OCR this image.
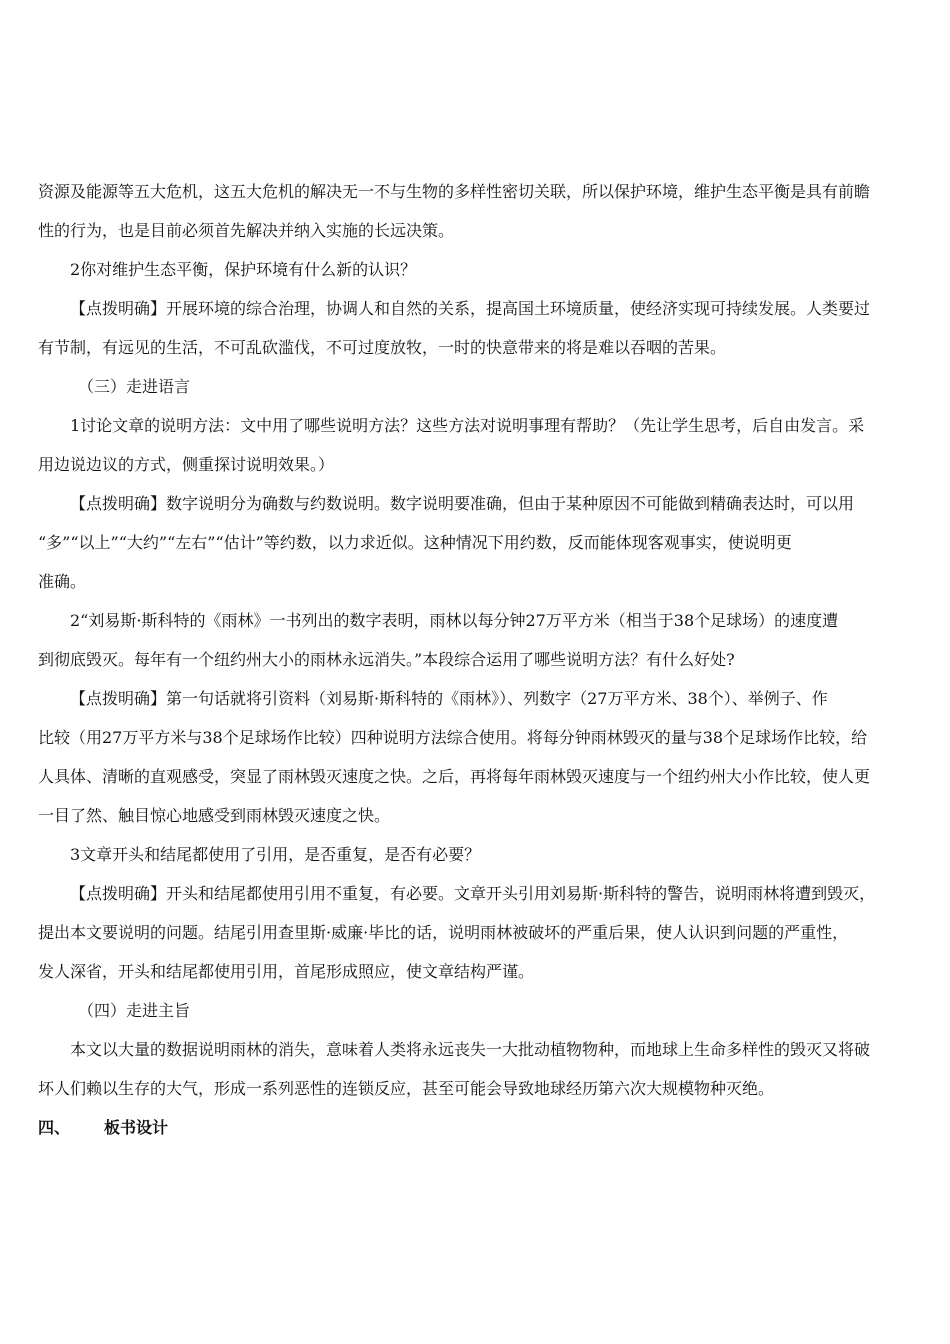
资源及能源等五大危机，这五大危机的解决无一不与生物的多样性密切关联，所以保护环境，维护生态平衡是具有前瞻
性的行为，也是目前必须首先解决并纳入实施的长远决策。
2你对维护生态平衡，保护环境有什么新的认识？
【点拨明确】开展环境的综合治理，协调人和自然的关系，提高国土环境质量，使经济实现可持续发展。人类要过
有节制，有远见的生活，不可乱砍滥伐，不可过度放牧，一时的快意带来的将是难以吞咽的苦果。
（三）走进语言
1讨论文章的说明方法：文中用了哪些说明方法？这些方法对说明事理有帮助？（先让学生思考，后自由发言。采
用边说边议的方式，侧重探讨说明效果。）
【点拨明确】数字说明分为确数与约数说明。数字说明要准确，但由于某种原因不可能做到精确表达时，可以用
“多”“以上”“大约”“左右”“估计”等约数，以力求近似。这种情况下用约数，反而能体现客观事实，使说明更
准确。
2“刘易斯·斯科特的《雨林》一书列出的数字表明，雨林以每分钟27万平方米（相当于38个足球场）的速度遭
到彻底毁灭。每年有一个纽约州大小的雨林永远消失。”本段综合运用了哪些说明方法？有什么好处?
【点拨明确】第一句话就将引资料（刘易斯·斯科特的《雨林》）、列数字（27万平方米、38个）、举例子、作
比较（用27万平方米与38个足球场作比较）四种说明方法综合使用。将每分钟雨林毁灭的量与38个足球场作比较，给
人具体、清晰的直观感受，突显了雨林毁灭速度之快。之后，再将每年雨林毁灭速度与一个纽约州大小作比较，使人更
一目了然、触目惊心地感受到雨林毁灭速度之快。
3文章开头和结尾都使用了引用，是否重复，是否有必要？
【点拨明确】开头和结尾都使用引用不重复，有必要。文章开头引用刘易斯·斯科特的警告，说明雨林将遭到毁灭，
提出本文要说明的问题。结尾引用查里斯·威廉·毕比的话，说明雨林被破坏的严重后果，使人认识到问题的严重性，
发人深省，开头和结尾都使用引用，首尾形成照应，使文章结构严谨。
（四）走进主旨
本文以大量的数据说明雨林的消失，意味着人类将永远丧失一大批动植物物种，而地球上生命多样性的毁灭又将破
坏人们赖以生存的大气，形成一系列恶性的连锁反应，甚至可能会导致地球经历第六次大规模物种灭绝。
四、 板书设计
